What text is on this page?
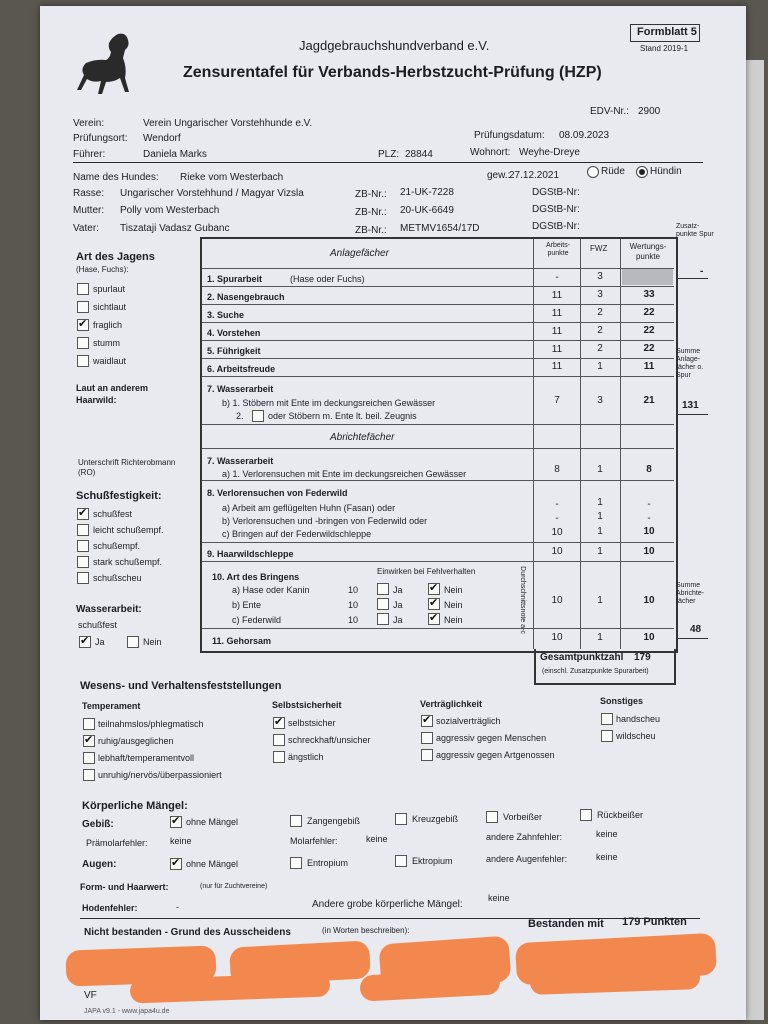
Jagdgebrauchshundverband e.V.
Zensurentafel für Verbands-Herbstzucht-Prüfung (HZP)
Formblatt 5
Stand 2019-1
EDV-Nr.: 2900
Verein:	Verein Ungarischer Vorstehhunde e.V.
Prüfungsort: Wendorf	Prüfungsdatum: 08.09.2023
Führer:	Daniela Marks	PLZ: 28844	Wohnort: Weyhe-Dreye
Name des Hundes: Rieke vom Westerbach	gew.:
27.12.2021	Rüde	Hündin
Rasse: Ungarischer Vorstehhund / Magyar Vizsla	ZB-Nr.: 21-UK-7228	DGStB-Nr:
Mutter: Polly vom Westerbach	ZB-Nr.: 20-UK-6649	DGStB-Nr:
Vater: Tiszataji Vadasz Gubanc	ZB-Nr.: METMV1654/17D	DGStB-Nr:
Art des Jagens
(Hase, Fuchs):
spurlaut
sichtlaut
✔
fraglich
stumm
waidlaut
Laut an anderem Haarwild:
Unterschrift Richterobmann (RO)
Schußfestigkeit:
✔
schußfest
leicht schußempf.
schußempf.
stark schußempf.
schußscheu
Wasserarbeit:
schußfest
✔
Ja	Nein
Anlagefächer
Arbeits-punkte
FWZ	Wertungs-punkte
1. Spurarbeit	(Hase oder Fuchs)	-	3
2. Nasengebrauch	11	3	33
3. Suche	11	2	22
4. Vorstehen	11	2	22
5. Führigkeit	11	2	22
6. Arbeitsfreude	11	1	11
7. Wasserarbeit
b) 1. Stöbern mit Ente im deckungsreichen Gewässer
2.	oder Stöbern m. Ente lt. beil. Zeugnis
7	3	21
Abrichtefächer
7. Wasserarbeit
a) 1. Verlorensuchen mit Ente im deckungsreichen Gewässer	8	1	8
8. Verlorensuchen von Federwild
a) Arbeit am geflügelten Huhn (Fasan) oder
b) Verlorensuchen und -bringen von Federwild oder
c) Bringen auf der Federwildschleppe
-	1	-
-	1	-
10	1	10
9. Haarwildschleppe	10	1	10
10. Art des Bringens
Einwirken bei Fehlverhalten
a) Hase oder Kanin	10	Ja ✔	Nein
b) Ente	10	Ja ✔	Nein
c) Federwild	10	Ja ✔	Nein	Durchschnittsnote a-c	10	1	10
11. Gehorsam	10	1	10
Gesamtpunktzahl 179
(einschl. Zusatzpunkte Spurarbeit)
Zusatz-punkte Spur
-
Summe Anlage-fächer o. Spur
131
Summe Abrichte-fächer
48
Wesens- und Verhaltensfeststellungen
Temperament
teilnahmslos/phlegmatisch
✔
ruhig/ausgeglichen
lebhaft/temperamentvoll
unruhig/nervös/überpassioniert
Selbstsicherheit
✔
selbstsicher
schreckhaft/unsicher
ängstlich
Verträglichkeit
✔
sozialverträglich
aggressiv gegen Menschen
aggressiv gegen Artgenossen
Sonstiges
handscheu
wildscheu
Körperliche Mängel:
Gebiß: ✔	ohne Mängel	Zangengebiß	Kreuzgebiß	Vorbeißer	Rückbeißer
Prämolarfehler: keine	Molarfehler:	keine	andere Zahnfehler:	keine
Augen: ✔	ohne Mängel	Entropium	Ektropium	andere Augenfehler:	keine
Form- und Haarwert:	(nur für Zuchtvereine)
Hodenfehler:	-	Andere grobe körperliche Mängel:
keine
Nicht bestanden - Grund des Ausscheidens	(in Worten beschreiben):
Bestanden mit 179 Punkten
VF
JAPA v9.1 - www.japa4u.de
